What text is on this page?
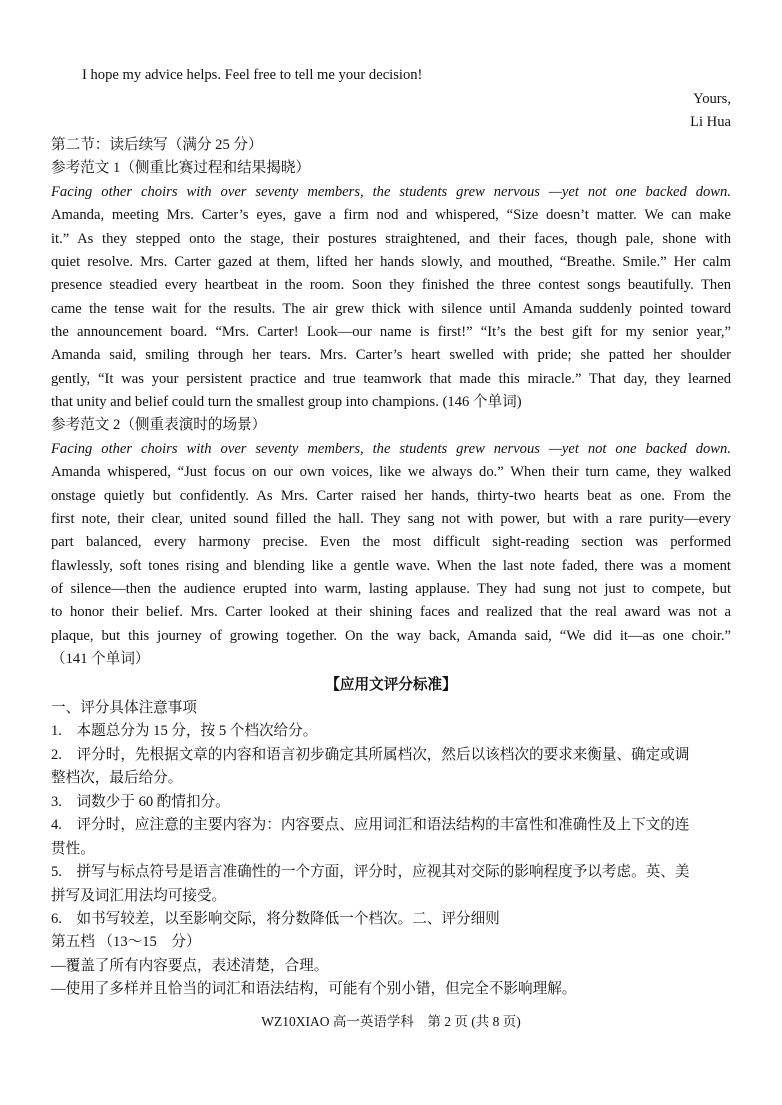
I hope my advice helps. Feel free to tell me your decision!
Yours,
Li Hua
第二节：读后续写（满分 25 分）
参考范文 1（侧重比赛过程和结果揭晓）
Facing other choirs with over seventy members, the students grew nervous —yet not one backed down.
Amanda, meeting Mrs. Carter’s eyes, gave a firm nod and whispered, “Size doesn’t matter. We can make
it.” As they stepped onto the stage, their postures straightened, and their faces, though pale, shone with
quiet resolve. Mrs. Carter gazed at them, lifted her hands slowly, and mouthed, “Breathe. Smile.” Her calm
presence steadied every heartbeat in the room. Soon they finished the three contest songs beautifully. Then
came the tense wait for the results. The air grew thick with silence until Amanda suddenly pointed toward
the announcement board. “Mrs. Carter! Look—our name is first!” “It’s the best gift for my senior year,”
Amanda said, smiling through her tears. Mrs. Carter’s heart swelled with pride; she patted her shoulder
gently, “It was your persistent practice and true teamwork that made this miracle.” That day, they learned
that unity and belief could turn the smallest group into champions. (146 个单词)
参考范文 2（侧重表演时的场景）
Facing other choirs with over seventy members, the students grew nervous —yet not one backed down.
Amanda whispered, “Just focus on our own voices, like we always do.” When their turn came, they walked
onstage quietly but confidently. As Mrs. Carter raised her hands, thirty-two hearts beat as one. From the
first note, their clear, united sound filled the hall. They sang not with power, but with a rare purity—every
part balanced, every harmony precise. Even the most difficult sight-reading section was performed
flawlessly, soft tones rising and blending like a gentle wave. When the last note faded, there was a moment
of silence—then the audience erupted into warm, lasting applause. They had sung not just to compete, but
to honor their belief. Mrs. Carter looked at their shining faces and realized that the real award was not a
plaque, but this journey of growing together. On the way back, Amanda said, “We did it—as one choir.”
（141 个单词）
【应用文评分标准】
一、评分具体注意事项
1.　本题总分为 15 分，按 5 个档次给分。
2.　评分时，先根据文章的内容和语言初步确定其所属档次，然后以该档次的要求来衡量、确定或调
整档次，最后给分。
3.　词数少于 60 酌情扣分。
4.　评分时，应注意的主要内容为：内容要点、应用词汇和语法结构的丰富性和准确性及上下文的连
贯性。
5.　拼写与标点符号是语言准确性的一个方面，评分时，应视其对交际的影响程度予以考虑。英、美
拼写及词汇用法均可接受。
6.　如书写较差，以至影响交际，将分数降低一个档次。二、评分细则
第五档 （13～15　分）
—覆盖了所有内容要点，表述清楚，合理。
—使用了多样并且恰当的词汇和语法结构，可能有个别小错，但完全不影响理解。
WZ10XIAO 高一英语学科　第 2 页 (共 8 页)
